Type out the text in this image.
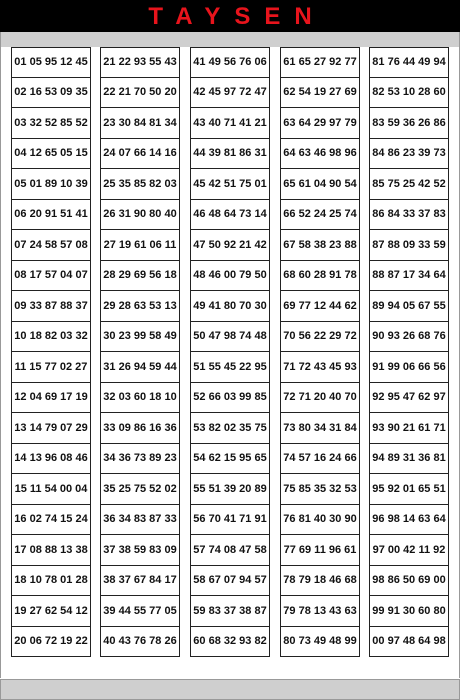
TAYSEN
01 05 95 12 45
02 16 53 09 35
03 32 52 85 52
04 12 65 05 15
05 01 89 10 39
06 20 91 51 41
07 24 58 57 08
08 17 57 04 07
09 33 87 88 37
10 18 82 03 32
11 15 77 02 27
12 04 69 17 19
13 14 79 07 29
14 13 96 08 46
15 11 54 00 04
16 02 74 15 24
17 08 88 13 38
18 10 78 01 28
19 27 62 54 12
20 06 72 19 22
21 22 93 55 43
22 21 70 50 20
23 30 84 81 34
24 07 66 14 16
25 35 85 82 03
26 31 90 80 40
27 19 61 06 11
28 29 69 56 18
29 28 63 53 13
30 23 99 58 49
31 26 94 59 44
32 03 60 18 10
33 09 86 16 36
34 36 73 89 23
35 25 75 52 02
36 34 83 87 33
37 38 59 83 09
38 37 67 84 17
39 44 55 77 05
40 43 76 78 26
41 49 56 76 06
42 45 97 72 47
43 40 71 41 21
44 39 81 86 31
45 42 51 75 01
46 48 64 73 14
47 50 92 21 42
48 46 00 79 50
49 41 80 70 30
50 47 98 74 48
51 55 45 22 95
52 66 03 99 85
53 82 02 35 75
54 62 15 95 65
55 51 39 20 89
56 70 41 71 91
57 74 08 47 58
58 67 07 94 57
59 83 37 38 87
60 68 32 93 82
61 65 27 92 77
62 54 19 27 69
63 64 29 97 79
64 63 46 98 96
65 61 04 90 54
66 52 24 25 74
67 58 38 23 88
68 60 28 91 78
69 77 12 44 62
70 56 22 29 72
71 72 43 45 93
72 71 20 40 70
73 80 34 31 84
74 57 16 24 66
75 85 35 32 53
76 81 40 30 90
77 69 11 96 61
78 79 18 46 68
79 78 13 43 63
80 73 49 48 99
81 76 44 49 94
82 53 10 28 60
83 59 36 26 86
84 86 23 39 73
85 75 25 42 52
86 84 33 37 83
87 88 09 33 59
88 87 17 34 64
89 94 05 67 55
90 93 26 68 76
91 99 06 66 56
92 95 47 62 97
93 90 21 61 71
94 89 31 36 81
95 92 01 65 51
96 98 14 63 64
97 00 42 11 92
98 86 50 69 00
99 91 30 60 80
00 97 48 64 98
